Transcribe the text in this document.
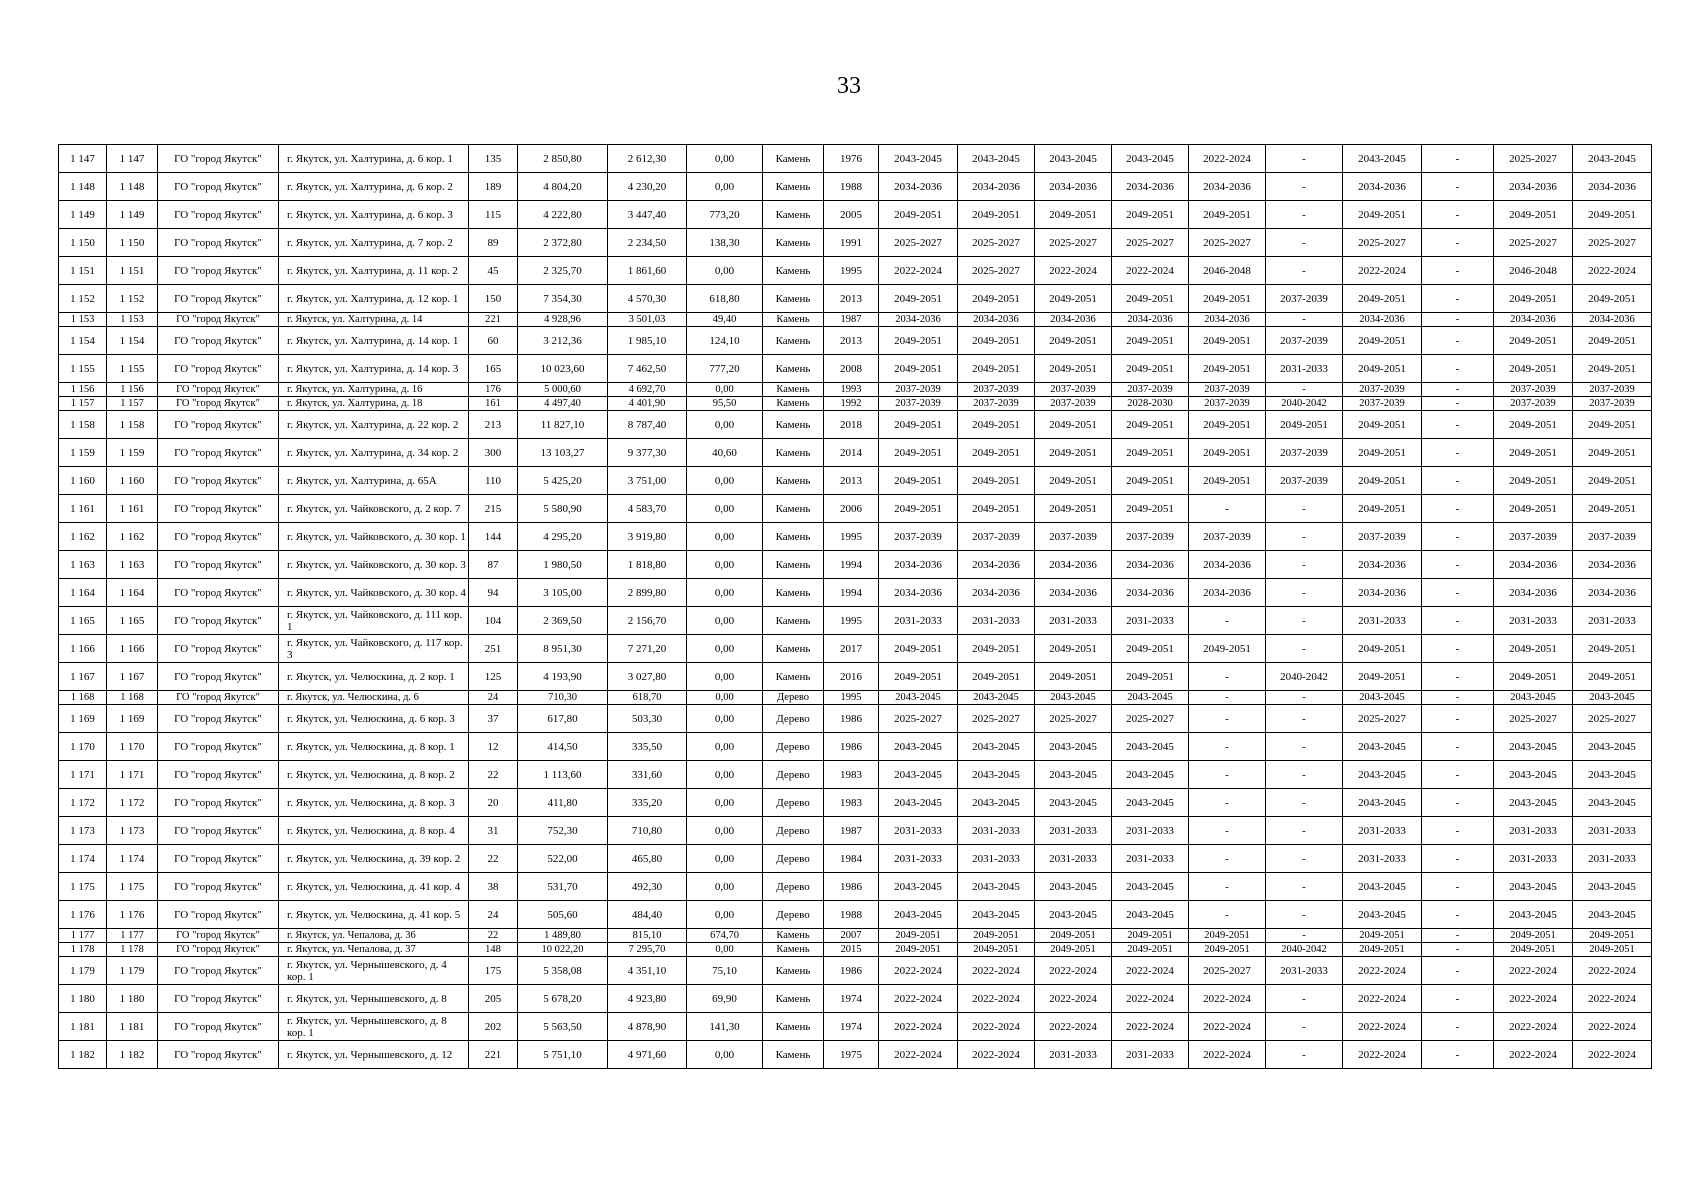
33
1 147	1 147	ГО "город Якутск"	г. Якутск, ул. Халтурина, д. 6 кор. 1	135	2 850,80	2 612,30	0,00	Камень	1976	2043-2045	2043-2045	2043-2045	2043-2045	2022-2024	-	2043-2045	-	2025-2027	2043-2045
1 148	1 148	ГО "город Якутск"	г. Якутск, ул. Халтурина, д. 6 кор. 2	189	4 804,20	4 230,20	0,00	Камень	1988	2034-2036	2034-2036	2034-2036	2034-2036	2034-2036	-	2034-2036	-	2034-2036	2034-2036
1 149	1 149	ГО "город Якутск"	г. Якутск, ул. Халтурина, д. 6 кор. 3	115	4 222,80	3 447,40	773,20	Камень	2005	2049-2051	2049-2051	2049-2051	2049-2051	2049-2051	-	2049-2051	-	2049-2051	2049-2051
1 150	1 150	ГО "город Якутск"	г. Якутск, ул. Халтурина, д. 7 кор. 2	89	2 372,80	2 234,50	138,30	Камень	1991	2025-2027	2025-2027	2025-2027	2025-2027	2025-2027	-	2025-2027	-	2025-2027	2025-2027
1 151	1 151	ГО "город Якутск"	г. Якутск, ул. Халтурина, д. 11 кор. 2	45	2 325,70	1 861,60	0,00	Камень	1995	2022-2024	2025-2027	2022-2024	2022-2024	2046-2048	-	2022-2024	-	2046-2048	2022-2024
1 152	1 152	ГО "город Якутск"	г. Якутск, ул. Халтурина, д. 12 кор. 1	150	7 354,30	4 570,30	618,80	Камень	2013	2049-2051	2049-2051	2049-2051	2049-2051	2049-2051	2037-2039	2049-2051	-	2049-2051	2049-2051
1 153	1 153	ГО "город Якутск"	г. Якутск, ул. Халтурина, д. 14	221	4 928,96	3 501,03	49,40	Камень	1987	2034-2036	2034-2036	2034-2036	2034-2036	2034-2036	-	2034-2036	-	2034-2036	2034-2036
1 154	1 154	ГО "город Якутск"	г. Якутск, ул. Халтурина, д. 14 кор. 1	60	3 212,36	1 985,10	124,10	Камень	2013	2049-2051	2049-2051	2049-2051	2049-2051	2049-2051	2037-2039	2049-2051	-	2049-2051	2049-2051
1 155	1 155	ГО "город Якутск"	г. Якутск, ул. Халтурина, д. 14 кор. 3	165	10 023,60	7 462,50	777,20	Камень	2008	2049-2051	2049-2051	2049-2051	2049-2051	2049-2051	2031-2033	2049-2051	-	2049-2051	2049-2051
1 156	1 156	ГО "город Якутск"	г. Якутск, ул. Халтурина, д. 16	176	5 000,60	4 692,70	0,00	Камень	1993	2037-2039	2037-2039	2037-2039	2037-2039	2037-2039	-	2037-2039	-	2037-2039	2037-2039
1 157	1 157	ГО "город Якутск"	г. Якутск, ул. Халтурина, д. 18	161	4 497,40	4 401,90	95,50	Камень	1992	2037-2039	2037-2039	2037-2039	2028-2030	2037-2039	2040-2042	2037-2039	-	2037-2039	2037-2039
1 158	1 158	ГО "город Якутск"	г. Якутск, ул. Халтурина, д. 22 кор. 2	213	11 827,10	8 787,40	0,00	Камень	2018	2049-2051	2049-2051	2049-2051	2049-2051	2049-2051	2049-2051	2049-2051	-	2049-2051	2049-2051
1 159	1 159	ГО "город Якутск"	г. Якутск, ул. Халтурина, д. 34 кор. 2	300	13 103,27	9 377,30	40,60	Камень	2014	2049-2051	2049-2051	2049-2051	2049-2051	2049-2051	2037-2039	2049-2051	-	2049-2051	2049-2051
1 160	1 160	ГО "город Якутск"	г. Якутск, ул. Халтурина, д. 65А	110	5 425,20	3 751,00	0,00	Камень	2013	2049-2051	2049-2051	2049-2051	2049-2051	2049-2051	2037-2039	2049-2051	-	2049-2051	2049-2051
1 161	1 161	ГО "город Якутск"	г. Якутск, ул. Чайковского, д. 2 кор. 7	215	5 580,90	4 583,70	0,00	Камень	2006	2049-2051	2049-2051	2049-2051	2049-2051	-	-	2049-2051	-	2049-2051	2049-2051
1 162	1 162	ГО "город Якутск"	г. Якутск, ул. Чайковского, д. 30 кор. 1	144	4 295,20	3 919,80	0,00	Камень	1995	2037-2039	2037-2039	2037-2039	2037-2039	2037-2039	-	2037-2039	-	2037-2039	2037-2039
1 163	1 163	ГО "город Якутск"	г. Якутск, ул. Чайковского, д. 30 кор. 3	87	1 980,50	1 818,80	0,00	Камень	1994	2034-2036	2034-2036	2034-2036	2034-2036	2034-2036	-	2034-2036	-	2034-2036	2034-2036
1 164	1 164	ГО "город Якутск"	г. Якутск, ул. Чайковского, д. 30 кор. 4	94	3 105,00	2 899,80	0,00	Камень	1994	2034-2036	2034-2036	2034-2036	2034-2036	2034-2036	-	2034-2036	-	2034-2036	2034-2036
1 165	1 165	ГО "город Якутск"	г. Якутск, ул. Чайковского, д. 111 кор. 1	104	2 369,50	2 156,70	0,00	Камень	1995	2031-2033	2031-2033	2031-2033	2031-2033	-	-	2031-2033	-	2031-2033	2031-2033
1 166	1 166	ГО "город Якутск"	г. Якутск, ул. Чайковского, д. 117 кор. 3	251	8 951,30	7 271,20	0,00	Камень	2017	2049-2051	2049-2051	2049-2051	2049-2051	2049-2051	-	2049-2051	-	2049-2051	2049-2051
1 167	1 167	ГО "город Якутск"	г. Якутск, ул. Челюскина, д. 2 кор. 1	125	4 193,90	3 027,80	0,00	Камень	2016	2049-2051	2049-2051	2049-2051	2049-2051	-	2040-2042	2049-2051	-	2049-2051	2049-2051
1 168	1 168	ГО "город Якутск"	г. Якутск, ул. Челюскина, д. 6	24	710,30	618,70	0,00	Дерево	1995	2043-2045	2043-2045	2043-2045	2043-2045	-	-	2043-2045	-	2043-2045	2043-2045
1 169	1 169	ГО "город Якутск"	г. Якутск, ул. Челюскина, д. 6 кор. 3	37	617,80	503,30	0,00	Дерево	1986	2025-2027	2025-2027	2025-2027	2025-2027	-	-	2025-2027	-	2025-2027	2025-2027
1 170	1 170	ГО "город Якутск"	г. Якутск, ул. Челюскина, д. 8 кор. 1	12	414,50	335,50	0,00	Дерево	1986	2043-2045	2043-2045	2043-2045	2043-2045	-	-	2043-2045	-	2043-2045	2043-2045
1 171	1 171	ГО "город Якутск"	г. Якутск, ул. Челюскина, д. 8 кор. 2	22	1 113,60	331,60	0,00	Дерево	1983	2043-2045	2043-2045	2043-2045	2043-2045	-	-	2043-2045	-	2043-2045	2043-2045
1 172	1 172	ГО "город Якутск"	г. Якутск, ул. Челюскина, д. 8 кор. 3	20	411,80	335,20	0,00	Дерево	1983	2043-2045	2043-2045	2043-2045	2043-2045	-	-	2043-2045	-	2043-2045	2043-2045
1 173	1 173	ГО "город Якутск"	г. Якутск, ул. Челюскина, д. 8 кор. 4	31	752,30	710,80	0,00	Дерево	1987	2031-2033	2031-2033	2031-2033	2031-2033	-	-	2031-2033	-	2031-2033	2031-2033
1 174	1 174	ГО "город Якутск"	г. Якутск, ул. Челюскина, д. 39 кор. 2	22	522,00	465,80	0,00	Дерево	1984	2031-2033	2031-2033	2031-2033	2031-2033	-	-	2031-2033	-	2031-2033	2031-2033
1 175	1 175	ГО "город Якутск"	г. Якутск, ул. Челюскина, д. 41 кор. 4	38	531,70	492,30	0,00	Дерево	1986	2043-2045	2043-2045	2043-2045	2043-2045	-	-	2043-2045	-	2043-2045	2043-2045
1 176	1 176	ГО "город Якутск"	г. Якутск, ул. Челюскина, д. 41 кор. 5	24	505,60	484,40	0,00	Дерево	1988	2043-2045	2043-2045	2043-2045	2043-2045	-	-	2043-2045	-	2043-2045	2043-2045
1 177	1 177	ГО "город Якутск"	г. Якутск, ул. Чепалова, д. 36	22	1 489,80	815,10	674,70	Камень	2007	2049-2051	2049-2051	2049-2051	2049-2051	2049-2051	-	2049-2051	-	2049-2051	2049-2051
1 178	1 178	ГО "город Якутск"	г. Якутск, ул. Чепалова, д. 37	148	10 022,20	7 295,70	0,00	Камень	2015	2049-2051	2049-2051	2049-2051	2049-2051	2049-2051	2040-2042	2049-2051	-	2049-2051	2049-2051
1 179	1 179	ГО "город Якутск"	г. Якутск, ул. Чернышевского, д. 4 кор. 1	175	5 358,08	4 351,10	75,10	Камень	1986	2022-2024	2022-2024	2022-2024	2022-2024	2025-2027	2031-2033	2022-2024	-	2022-2024	2022-2024
1 180	1 180	ГО "город Якутск"	г. Якутск, ул. Чернышевского, д. 8	205	5 678,20	4 923,80	69,90	Камень	1974	2022-2024	2022-2024	2022-2024	2022-2024	2022-2024	-	2022-2024	-	2022-2024	2022-2024
1 181	1 181	ГО "город Якутск"	г. Якутск, ул. Чернышевского, д. 8 кор. 1	202	5 563,50	4 878,90	141,30	Камень	1974	2022-2024	2022-2024	2022-2024	2022-2024	2022-2024	-	2022-2024	-	2022-2024	2022-2024
1 182	1 182	ГО "город Якутск"	г. Якутск, ул. Чернышевского, д. 12	221	5 751,10	4 971,60	0,00	Камень	1975	2022-2024	2022-2024	2031-2033	2031-2033	2022-2024	-	2022-2024	-	2022-2024	2022-2024
